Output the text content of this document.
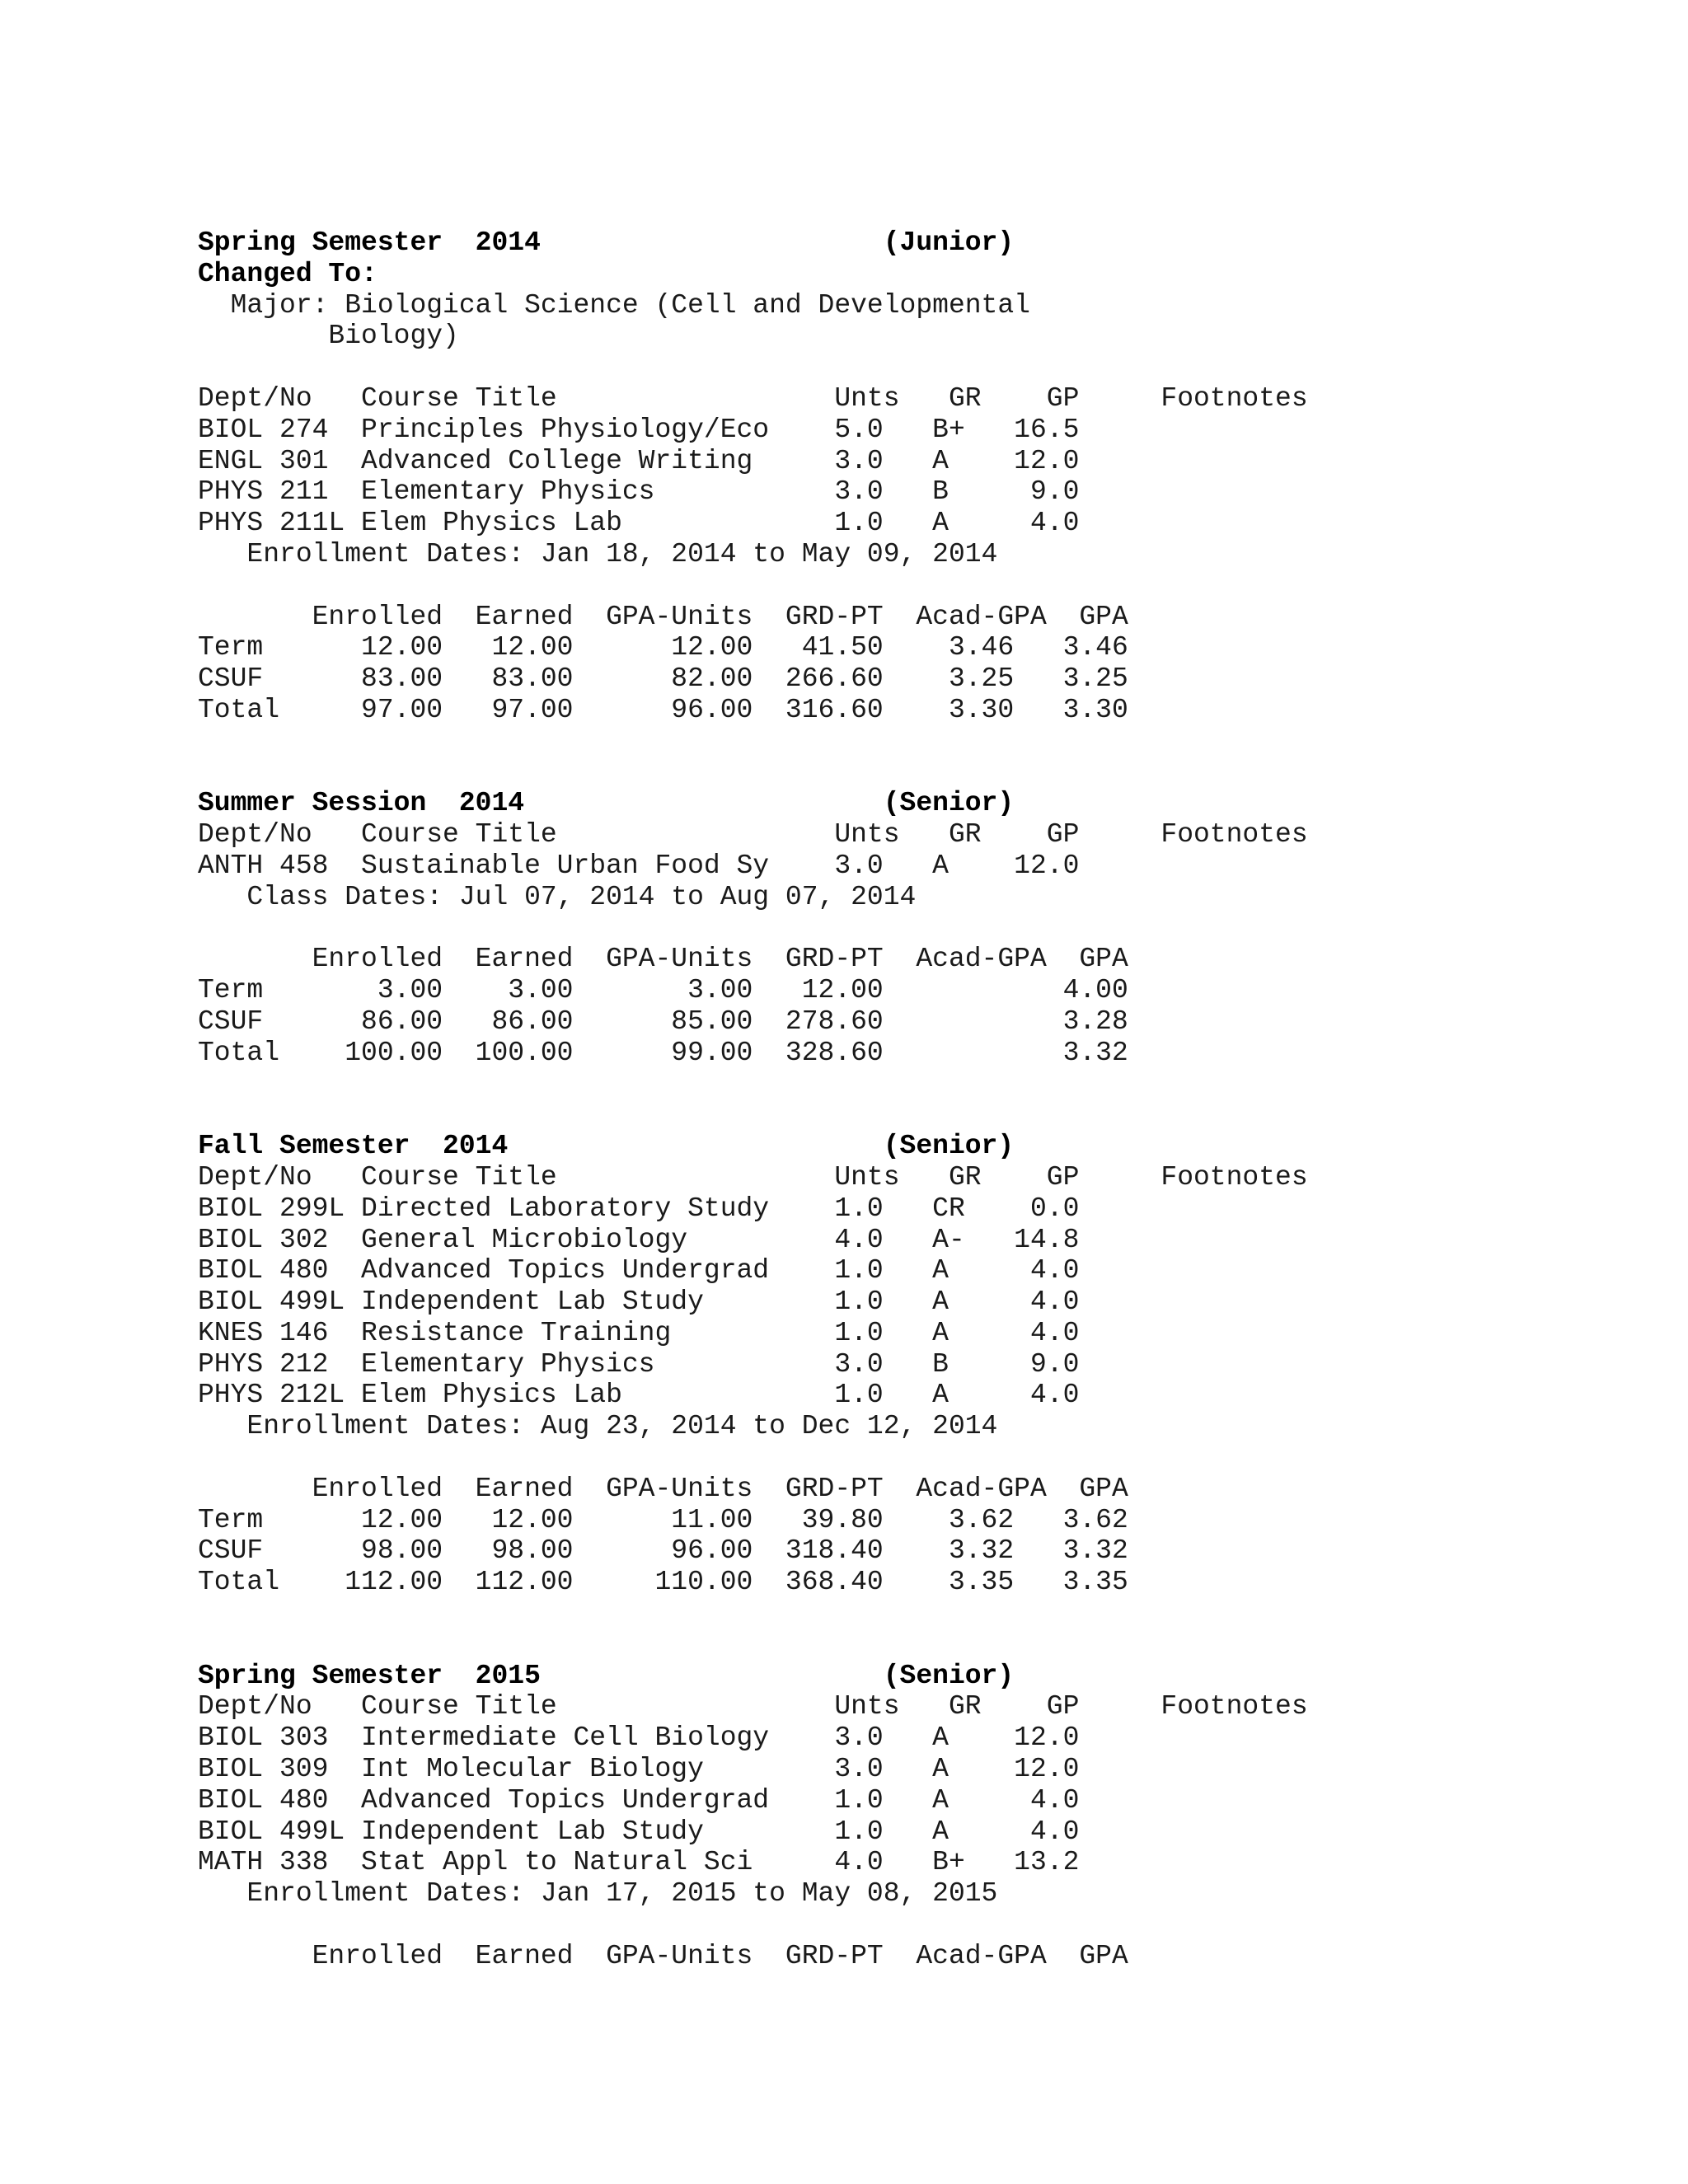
Spring Semester  2014                     (Junior)
Changed To:
Major: Biological Science (Cell and Developmental
Biology)
Dept/No   Course Title                 Unts   GR    GP     Footnotes
BIOL 274  Principles Physiology/Eco    5.0   B+   16.5
ENGL 301  Advanced College Writing     3.0   A    12.0
PHYS 211  Elementary Physics           3.0   B     9.0
PHYS 211L Elem Physics Lab             1.0   A     4.0
Enrollment Dates: Jan 18, 2014 to May 09, 2014
Enrolled  Earned  GPA-Units  GRD-PT  Acad-GPA  GPA
Term      12.00   12.00      12.00   41.50    3.46   3.46
CSUF      83.00   83.00      82.00  266.60    3.25   3.25
Total     97.00   97.00      96.00  316.60    3.30   3.30
Summer Session  2014                      (Senior)
Dept/No   Course Title                 Unts   GR    GP     Footnotes
ANTH 458  Sustainable Urban Food Sy    3.0   A    12.0
Class Dates: Jul 07, 2014 to Aug 07, 2014
Enrolled  Earned  GPA-Units  GRD-PT  Acad-GPA  GPA
Term       3.00    3.00       3.00   12.00           4.00
CSUF      86.00   86.00      85.00  278.60           3.28
Total    100.00  100.00      99.00  328.60           3.32
Fall Semester  2014                       (Senior)
Dept/No   Course Title                 Unts   GR    GP     Footnotes
BIOL 299L Directed Laboratory Study    1.0   CR    0.0
BIOL 302  General Microbiology         4.0   A-   14.8
BIOL 480  Advanced Topics Undergrad    1.0   A     4.0
BIOL 499L Independent Lab Study        1.0   A     4.0
KNES 146  Resistance Training          1.0   A     4.0
PHYS 212  Elementary Physics           3.0   B     9.0
PHYS 212L Elem Physics Lab             1.0   A     4.0
Enrollment Dates: Aug 23, 2014 to Dec 12, 2014
Enrolled  Earned  GPA-Units  GRD-PT  Acad-GPA  GPA
Term      12.00   12.00      11.00   39.80    3.62   3.62
CSUF      98.00   98.00      96.00  318.40    3.32   3.32
Total    112.00  112.00     110.00  368.40    3.35   3.35
Spring Semester  2015                     (Senior)
Dept/No   Course Title                 Unts   GR    GP     Footnotes
BIOL 303  Intermediate Cell Biology    3.0   A    12.0
BIOL 309  Int Molecular Biology        3.0   A    12.0
BIOL 480  Advanced Topics Undergrad    1.0   A     4.0
BIOL 499L Independent Lab Study        1.0   A     4.0
MATH 338  Stat Appl to Natural Sci     4.0   B+   13.2
Enrollment Dates: Jan 17, 2015 to May 08, 2015
Enrolled  Earned  GPA-Units  GRD-PT  Acad-GPA  GPA
